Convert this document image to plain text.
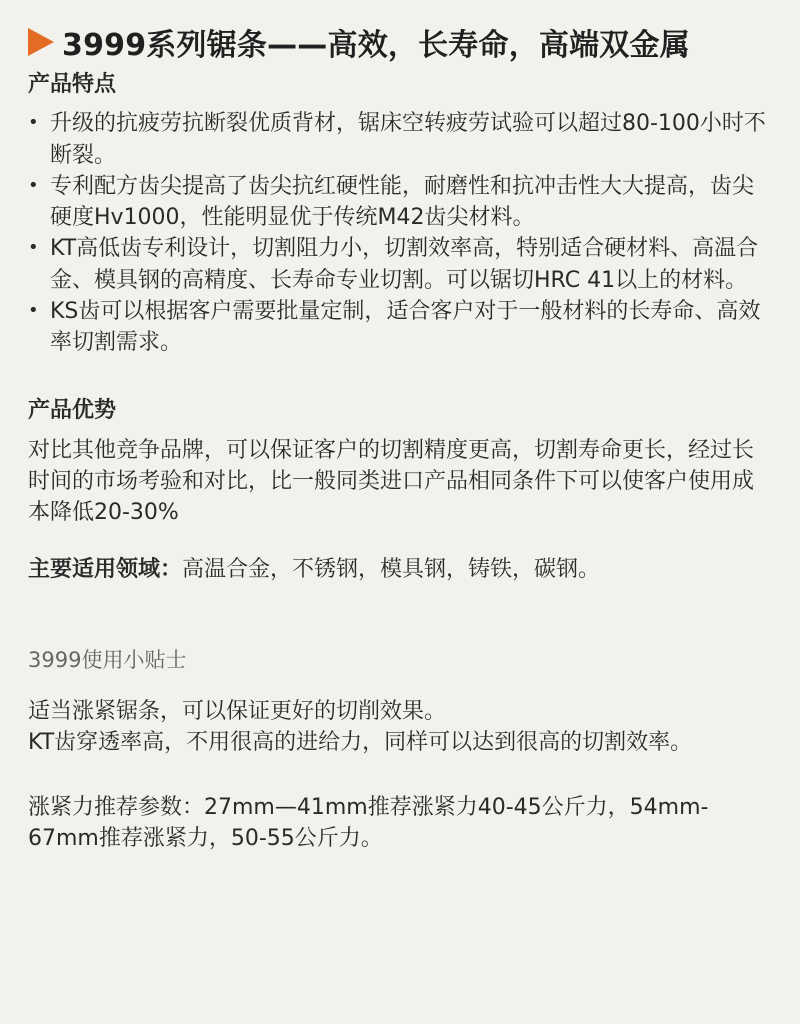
3999系列锯条——高效，长寿命，高端双金属
产品特点
• 升级的抗疲劳抗断裂优质背材，锯床空转疲劳试验可以超过80-100小时不断裂。
• 专利配方齿尖提高了齿尖抗红硬性能，耐磨性和抗冲击性大大提高，齿尖硬度Hv1000，性能明显优于传统M42齿尖材料。
• KT高低齿专利设计，切割阻力小，切割效率高，特别适合硬材料、高温合金、模具钢的高精度、长寿命专业切割。可以锯切HRC 41以上的材料。
• KS齿可以根据客户需要批量定制，适合客户对于一般材料的长寿命、高效率切割需求。
产品优势

对比其他竞争品牌，可以保证客户的切割精度更高，切割寿命更长，经过长时间的市场考验和对比，比一般同类进口产品相同条件下可以使客户使用成本降低20-30%

主要适用领域： 高温合金，不锈钢，模具钢，铸铁，碳钢。
3999使用小贴士

适当涨紧锯条，可以保证更好的切削效果。

KT齿穿透率高，不用很高的进给力，同样可以达到很高的切割效率。

涨紧力推荐参数：27mm—41mm推荐涨紧力40-45公斤力，54mm-67mm推荐涨紧力，50-55公斤力。
